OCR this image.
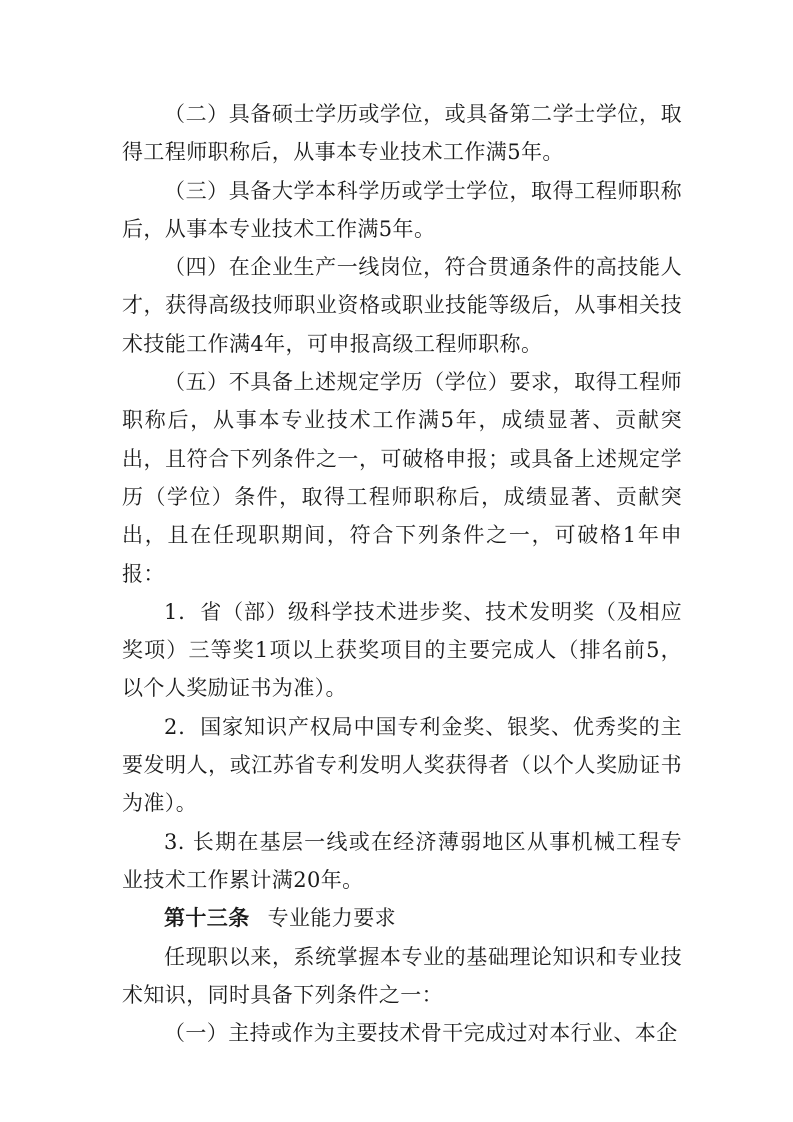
（二）具备硕士学历或学位，或具备第二学士学位，取得工程师职称后，从事本专业技术工作满5年。

（三）具备大学本科学历或学士学位，取得工程师职称后，从事本专业技术工作满5年。

（四）在企业生产一线岗位，符合贯通条件的高技能人才，获得高级技师职业资格或职业技能等级后，从事相关技术技能工作满4年，可申报高级工程师职称。

（五）不具备上述规定学历（学位）要求，取得工程师职称后，从事本专业技术工作满5年，成绩显著、贡献突出，且符合下列条件之一，可破格申报；或具备上述规定学历（学位）条件，取得工程师职称后，成绩显著、贡献突出，且在任现职期间，符合下列条件之一，可破格1年申报：

1．省（部）级科学技术进步奖、技术发明奖（及相应奖项）三等奖1项以上获奖项目的主要完成人（排名前5，以个人奖励证书为准）。

2．国家知识产权局中国专利金奖、银奖、优秀奖的主要发明人，或江苏省专利发明人奖获得者（以个人奖励证书为准）。

3. 长期在基层一线或在经济薄弱地区从事机械工程专业技术工作累计满20年。

第十三条 专业能力要求

任现职以来，系统掌握本专业的基础理论知识和专业技术知识，同时具备下列条件之一：

（一）主持或作为主要技术骨干完成过对本行业、本企
